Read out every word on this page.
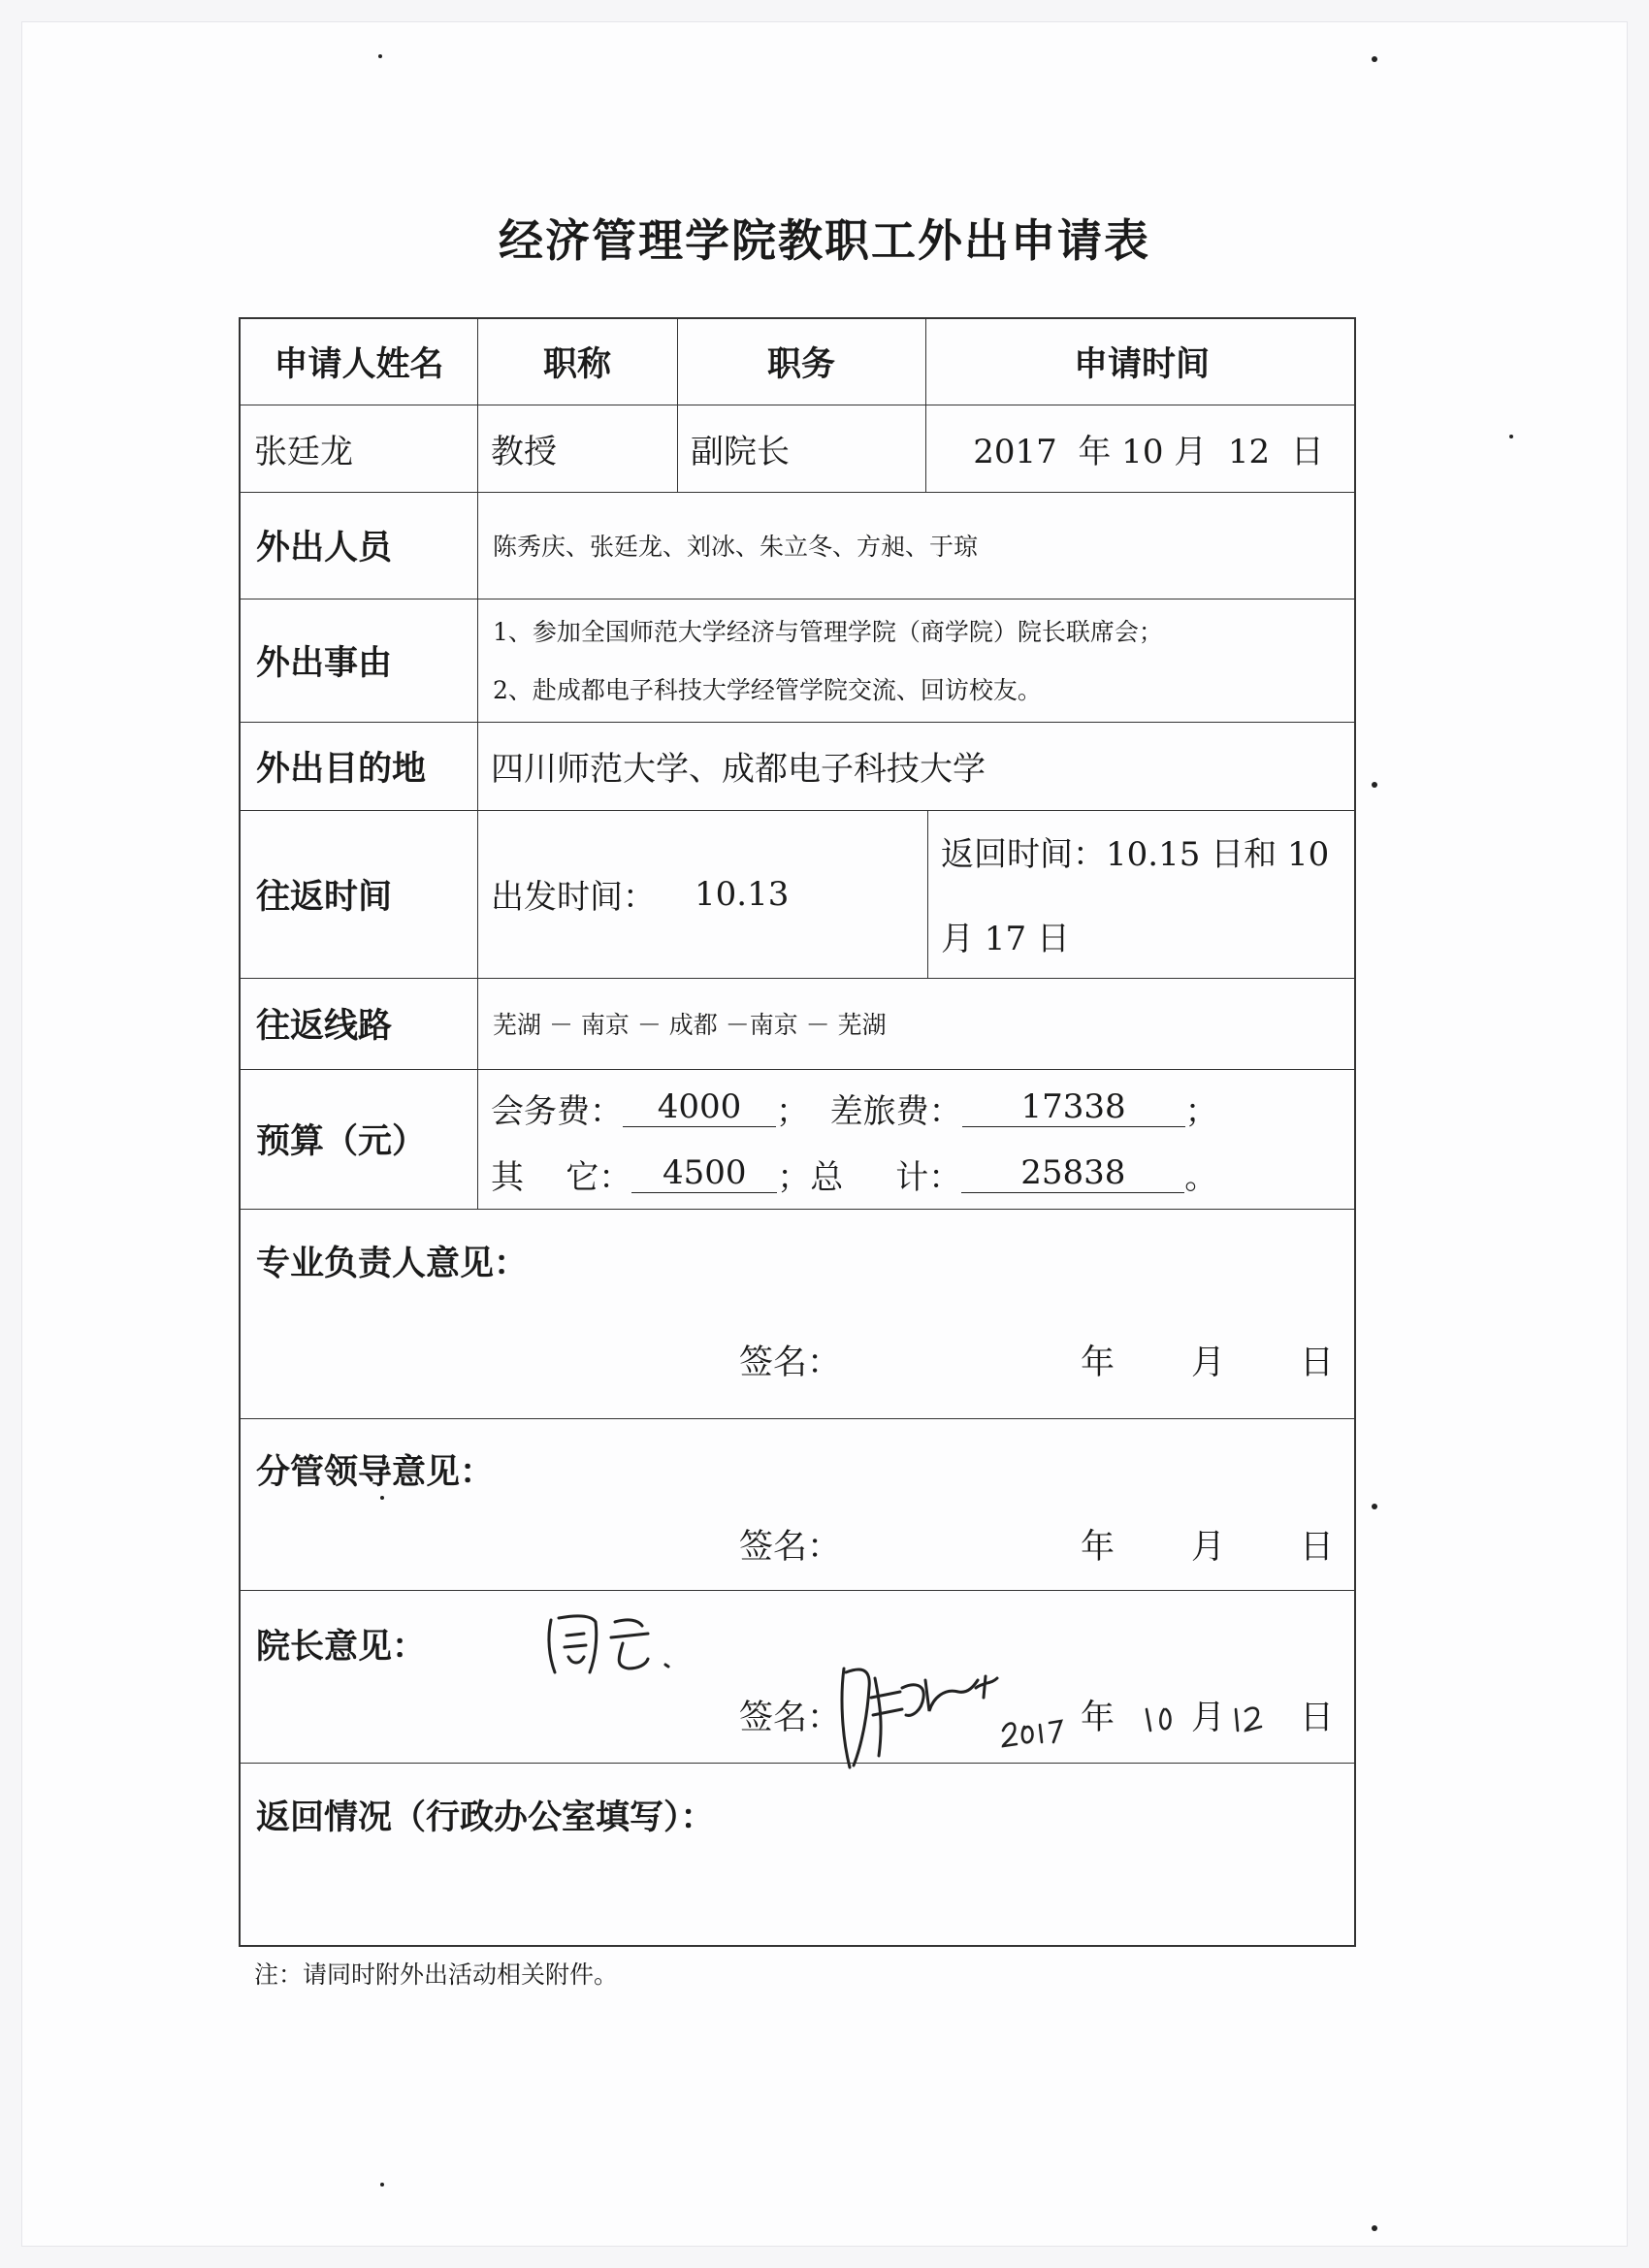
经济管理学院教职工外出申请表
申请人姓名	职称	职务	申请时间
张廷龙	教授	副院长	2017  年 10 月  12  日
外出人员	陈秀庆、张廷龙、刘冰、朱立冬、方昶、于琼
外出事由
1、参加全国师范大学经济与管理学院（商学院）院长联席会；
2、赴成都电子科技大学经管学院交流、回访校友。
外出目的地	四川师范大学、成都电子科技大学
往返时间	出发时间： 10.13
返回时间：10.15 日和 10
月 17 日
往返线路	芜湖 － 南京 － 成都 －南京 － 芜湖
预算（元）
会务费：	4000	；  差旅费：	17338	；
其    它： 4500 ；总     计：	25838	。
专业负责人意见：
签名：	年 月 日
分管领导意见：
签名：	年 月 日
院长意见：
签名：	年 月 日
返回情况（行政办公室填写）：
注：请同时附外出活动相关附件。
